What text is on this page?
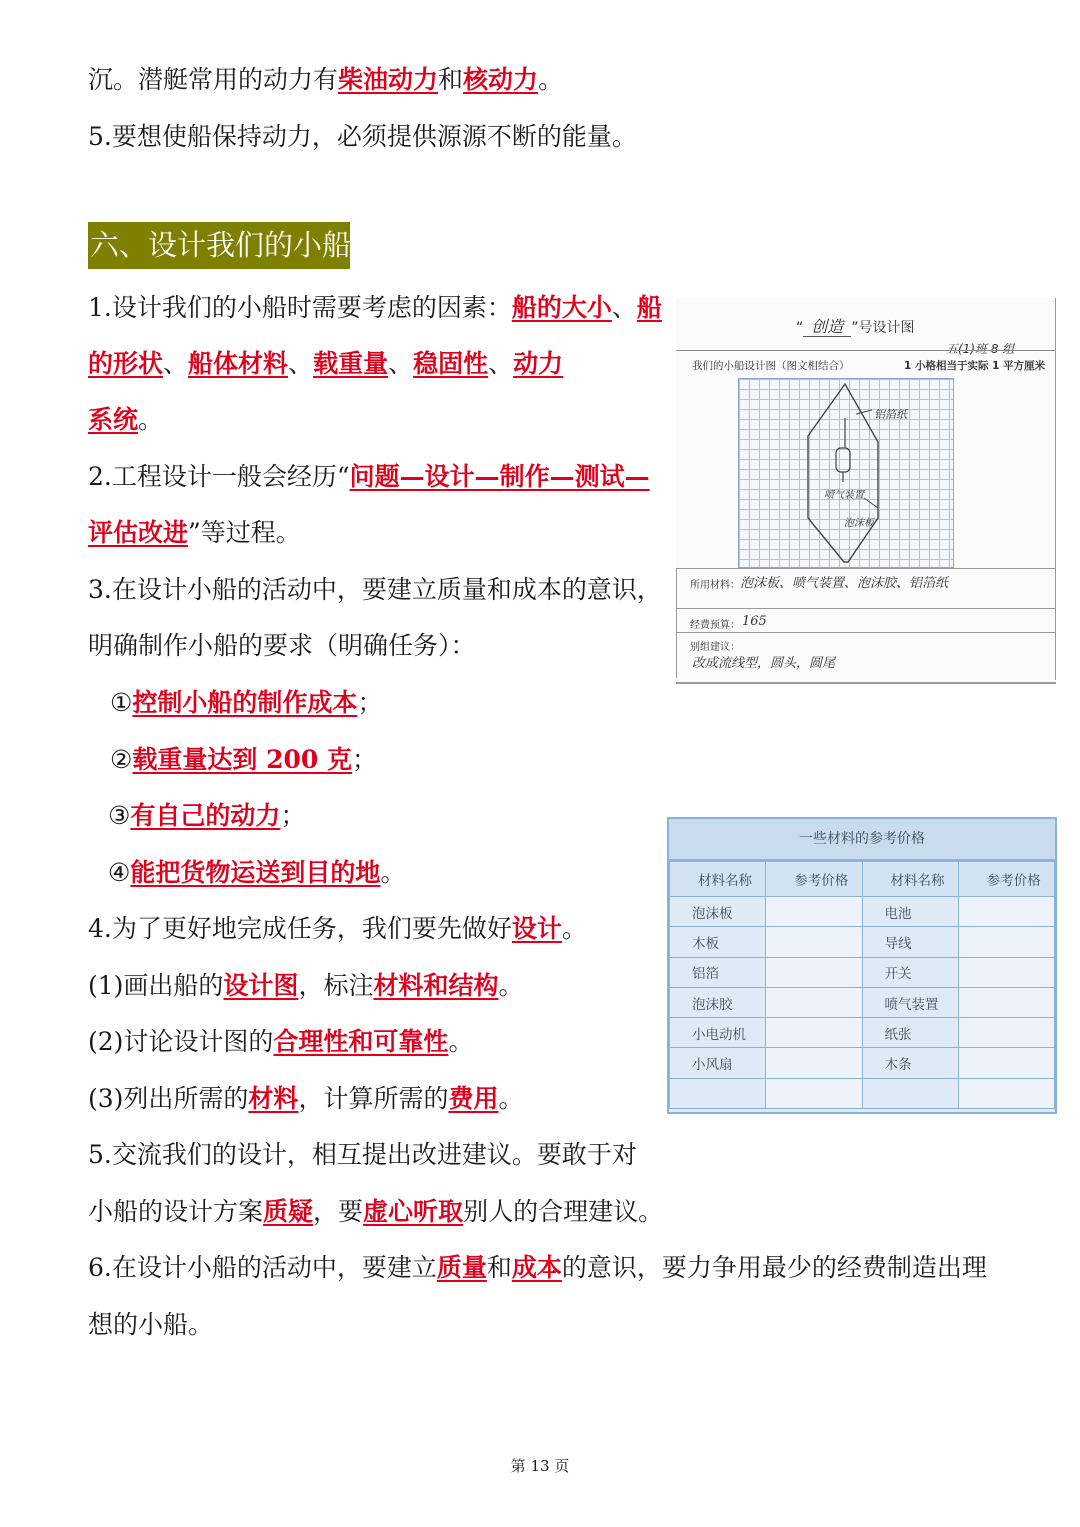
沉。潜艇常用的动力有柴油动力和核动力。
5.要想使船保持动力，必须提供源源不断的能量。
六、设计我们的小船
1.设计我们的小船时需要考虑的因素：船的大小、船
的形状、船体材料、载重量、稳固性、动力
系统。
2.工程设计一般会经历“问题—设计—制作—测试—
评估改进”等过程。
3.在设计小船的活动中，要建立质量和成本的意识，
明确制作小船的要求（明确任务）：
①控制小船的制作成本；
②载重量达到 200 克；
③有自己的动力；
④能把货物运送到目的地。
4.为了更好地完成任务，我们要先做好设计。
(1)画出船的设计图，标注材料和结构。
(2)讨论设计图的合理性和可靠性。
(3)列出所需的材料，计算所需的费用。
5.交流我们的设计，相互提出改进建议。要敢于对
小船的设计方案质疑，要虚心听取别人的合理建议。
6.在设计小船的活动中，要建立质量和成本的意识，要力争用最少的经费制造出理
想的小船。
“ 创造 ”号设计图
五(1)班 8 组
我们的小船设计图（图文相结合）	1 小格相当于实际 1 平方厘米
铝箔纸
喷气装置
泡沫板
所用材料： 泡沫板、喷气装置、泡沫胶、铝箔纸
经费预算： 165
别组建议：
改成流线型，圆头，圆尾
一些材料的参考价格
材料名称	参考价格	材料名称	参考价格
泡沫板		电池	
木板		导线	
铝箔		开关	
泡沫胶		喷气装置	
小电动机		纸张	
小风扇		木条	

第 13 页
